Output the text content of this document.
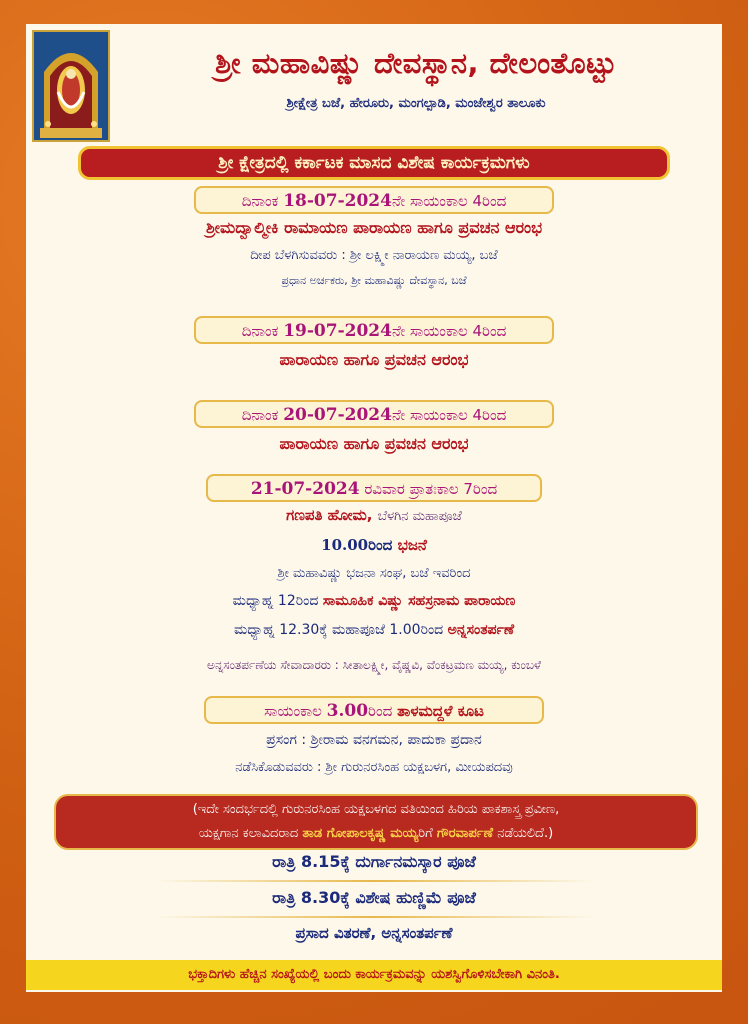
ಶ್ರೀ ಮಹಾವಿಷ್ಣು ದೇವಸ್ಥಾನ, ದೇಲಂತೊಟ್ಟು
ಶ್ರೀಕ್ಷೇತ್ರ ಬಜೆ, ಹೇರೂರು, ಮಂಗಲ್ಪಾಡಿ, ಮಂಜೇಶ್ವರ ತಾಲೂಕು
ಶ್ರೀ ಕ್ಷೇತ್ರದಲ್ಲಿ ಕರ್ಕಾಟಕ ಮಾಸದ ವಿಶೇಷ ಕಾರ್ಯಕ್ರಮಗಳು
ದಿನಾಂಕ 18-07-2024ನೇ ಸಾಯಂಕಾಲ 4ರಿಂದ
ಶ್ರೀಮದ್ವಾಲ್ಮೀಕಿ ರಾಮಾಯಣ ಪಾರಾಯಣ ಹಾಗೂ ಪ್ರವಚನ ಆರಂಭ
ದೀಪ ಬೆಳಗಿಸುವವರು : ಶ್ರೀ ಲಕ್ಷ್ಮೀ ನಾರಾಯಣ ಮಯ್ಯ, ಬಜೆ
ಪ್ರಧಾನ ಅರ್ಚಕರು, ಶ್ರೀ ಮಹಾವಿಷ್ಣು ದೇವಸ್ಥಾನ, ಬಜೆ
ದಿನಾಂಕ 19-07-2024ನೇ ಸಾಯಂಕಾಲ 4ರಿಂದ
ಪಾರಾಯಣ ಹಾಗೂ ಪ್ರವಚನ ಆರಂಭ
ದಿನಾಂಕ 20-07-2024ನೇ ಸಾಯಂಕಾಲ 4ರಿಂದ
ಪಾರಾಯಣ ಹಾಗೂ ಪ್ರವಚನ ಆರಂಭ
21-07-2024 ರವಿವಾರ ಪ್ರಾತಃಕಾಲ 7ರಿಂದ
ಗಣಪತಿ ಹೋಮ, ಬೆಳಗಿನ ಮಹಾಪೂಜೆ
10.00ರಿಂದ ಭಜನೆ
ಶ್ರೀ ಮಹಾವಿಷ್ಣು ಭಜನಾ ಸಂಘ, ಬಜೆ ಇವರಿಂದ
ಮಧ್ಯಾಹ್ನ 12ರಿಂದ ಸಾಮೂಹಿಕ ವಿಷ್ಣು ಸಹಸ್ರನಾಮ ಪಾರಾಯಣ
ಮಧ್ಯಾಹ್ನ 12.30ಕ್ಕೆ ಮಹಾಪೂಜೆ 1.00ರಿಂದ ಅನ್ನಸಂತರ್ಪಣೆ
ಅನ್ನಸಂತರ್ಪಣೆಯ ಸೇವಾದಾರರು : ಸೀತಾಲಕ್ಷ್ಮೀ, ವೈಷ್ಣವಿ, ವೆಂಕಟ್ರಮಣ ಮಯ್ಯ, ಕುಂಬಳೆ
ಸಾಯಂಕಾಲ 3.00ರಿಂದ ತಾಳಮದ್ದಳೆ ಕೂಟ
ಪ್ರಸಂಗ : ಶ್ರೀರಾಮ ವನಗಮನ, ಪಾದುಕಾ ಪ್ರದಾನ
ನಡೆಸಿಕೊಡುವವರು : ಶ್ರೀ ಗುರುನರಸಿಂಹ ಯಕ್ಷಬಳಗ, ಮೀಯಪದವು
(ಇದೇ ಸಂದರ್ಭದಲ್ಲಿ ಗುರುನರಸಿಂಹ ಯಕ್ಷಬಳಗದ ವತಿಯಿಂದ ಹಿರಿಯ ಪಾಕಶಾಸ್ತ್ರ ಪ್ರವೀಣ,
ಯಕ್ಷಗಾನ ಕಲಾವಿದರಾದ ತಾಡ ಗೋಪಾಲಕೃಷ್ಣ ಮಯ್ಯರಿಗೆ ಗೌರವಾರ್ಪಣೆ ನಡೆಯಲಿದೆ.)
ರಾತ್ರಿ 8.15ಕ್ಕೆ ದುರ್ಗಾನಮಸ್ಕಾರ ಪೂಜೆ
ರಾತ್ರಿ 8.30ಕ್ಕೆ ವಿಶೇಷ ಹುಣ್ಣಿಮೆ ಪೂಜೆ
ಪ್ರಸಾದ ವಿತರಣೆ, ಅನ್ನಸಂತರ್ಪಣೆ
ಭಕ್ತಾದಿಗಳು ಹೆಚ್ಚಿನ ಸಂಖ್ಯೆಯಲ್ಲಿ ಬಂದು ಕಾರ್ಯಕ್ರಮವನ್ನು ಯಶಸ್ವಿಗೊಳಿಸಬೇಕಾಗಿ ವಿನಂತಿ.
